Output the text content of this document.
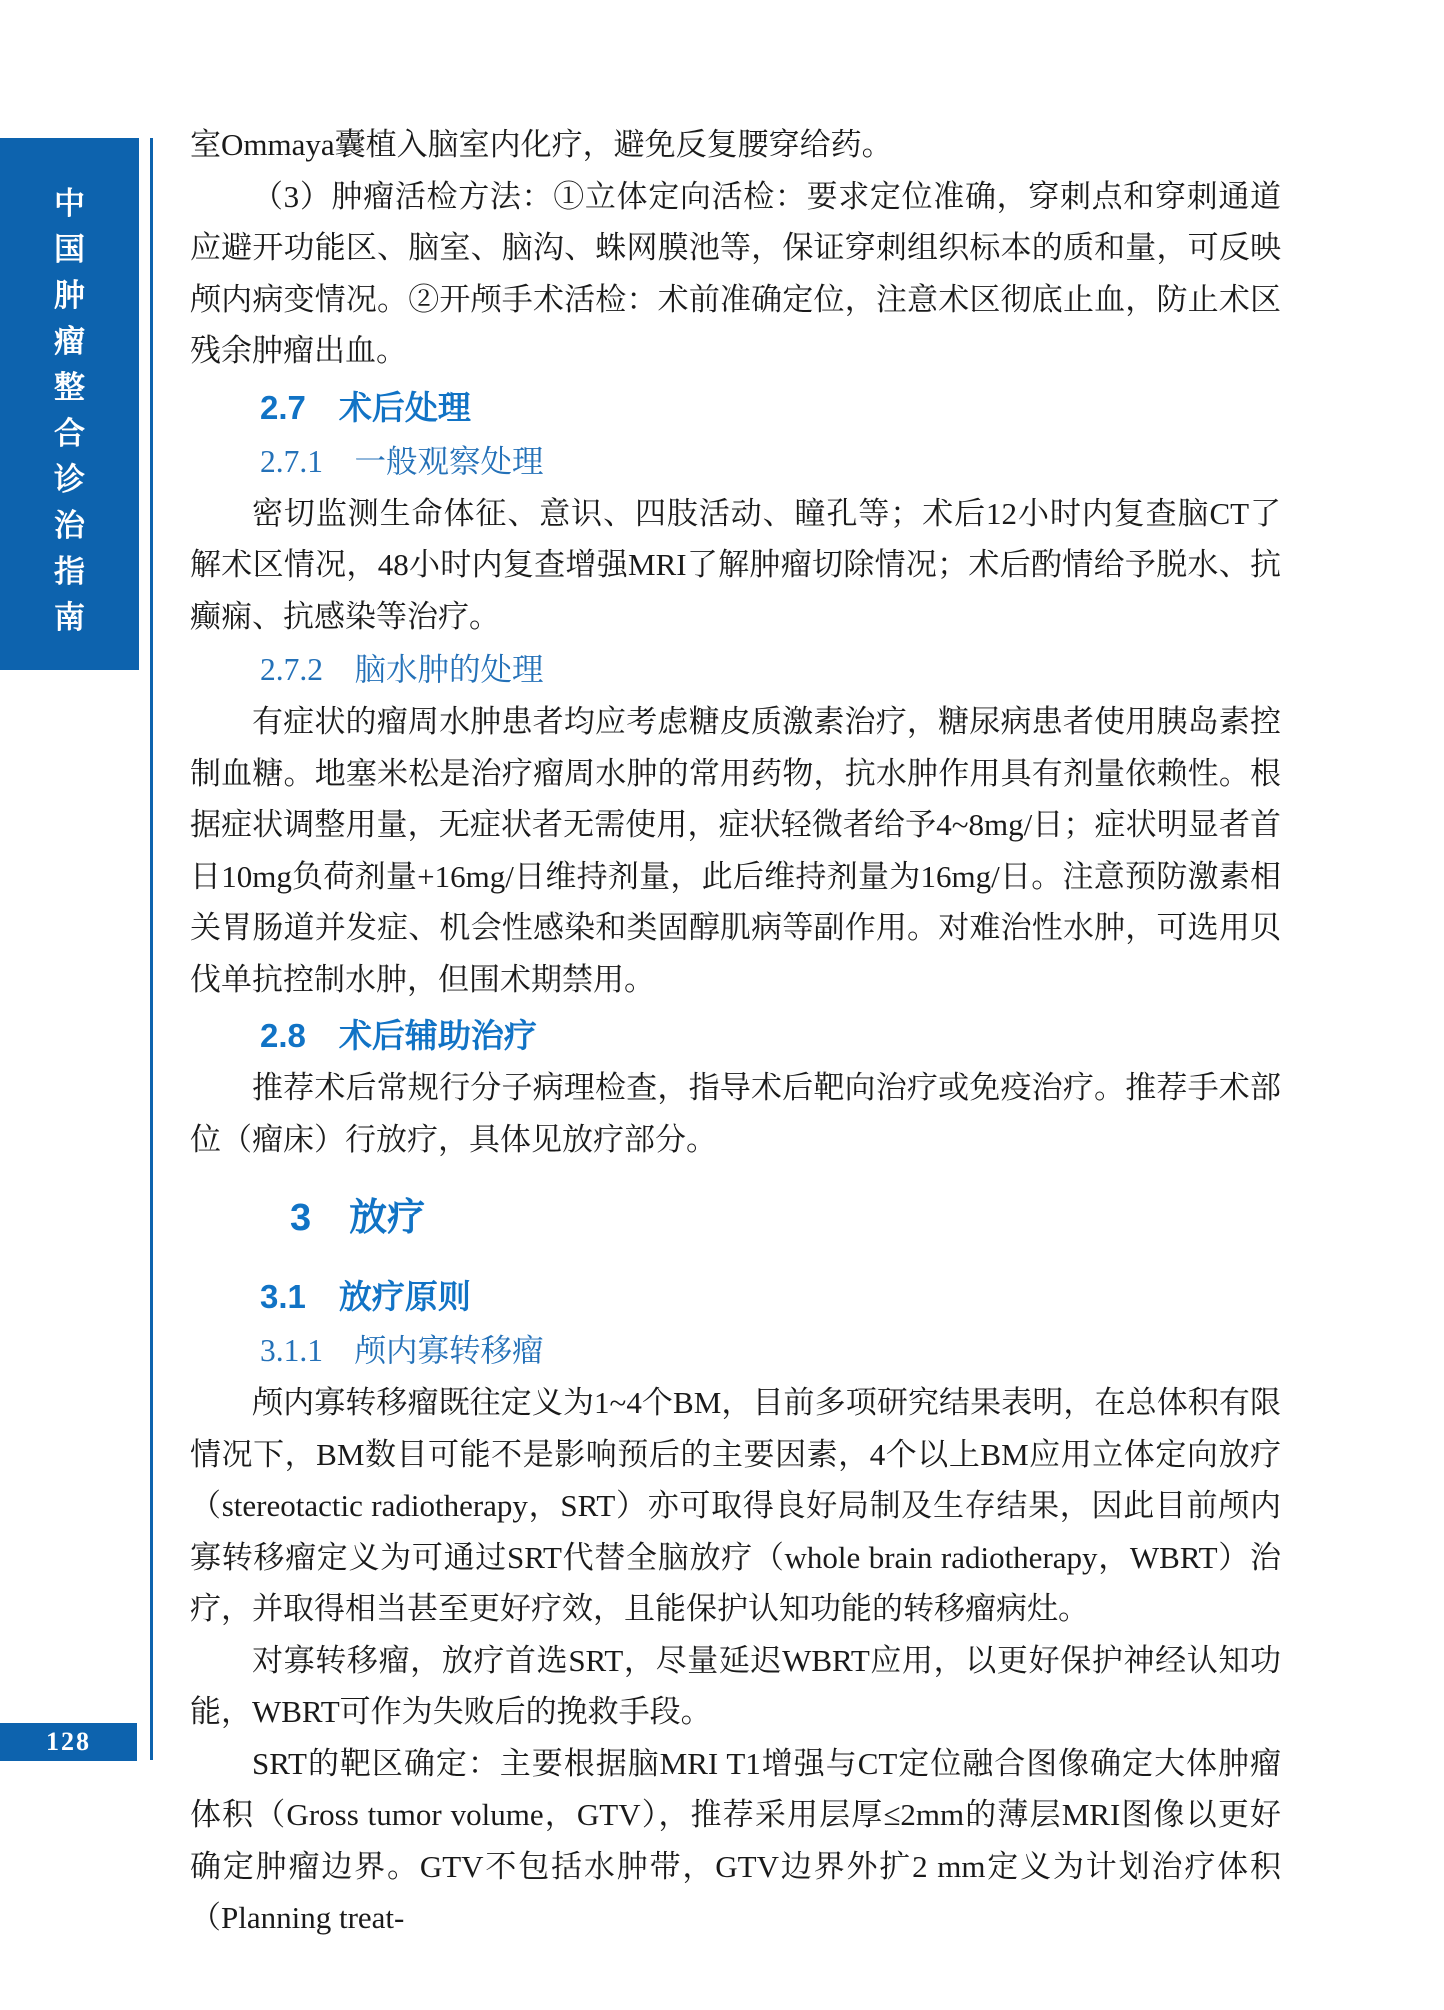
中
国
肿
瘤
整
合
诊
治
指
南
128

室Ommaya囊植入脑室内化疗，避免反复腰穿给药。

（3）肿瘤活检方法：①立体定向活检：要求定位准确，穿刺点和穿刺通道应避开功能区、脑室、脑沟、蛛网膜池等，保证穿刺组织标本的质和量，可反映颅内病变情况。②开颅手术活检：术前准确定位，注意术区彻底止血，防止术区残余肿瘤出血。

2.7　术后处理
2.7.1　一般观察处理

密切监测生命体征、意识、四肢活动、瞳孔等；术后12小时内复查脑CT了解术区情况，48小时内复查增强MRI了解肿瘤切除情况；术后酌情给予脱水、抗癫痫、抗感染等治疗。

2.7.2　脑水肿的处理

有症状的瘤周水肿患者均应考虑糖皮质激素治疗，糖尿病患者使用胰岛素控制血糖。地塞米松是治疗瘤周水肿的常用药物，抗水肿作用具有剂量依赖性。根据症状调整用量，无症状者无需使用，症状轻微者给予4~8mg/日；症状明显者首日10mg负荷剂量+16mg/日维持剂量，此后维持剂量为16mg/日。注意预防激素相关胃肠道并发症、机会性感染和类固醇肌病等副作用。对难治性水肿，可选用贝伐单抗控制水肿，但围术期禁用。

2.8　术后辅助治疗

推荐术后常规行分子病理检查，指导术后靶向治疗或免疫治疗。推荐手术部位（瘤床）行放疗，具体见放疗部分。

3　放疗
3.1　放疗原则
3.1.1　颅内寡转移瘤

颅内寡转移瘤既往定义为1~4个BM，目前多项研究结果表明，在总体积有限情况下，BM数目可能不是影响预后的主要因素，4个以上BM应用立体定向放疗（stereotactic radiotherapy，SRT）亦可取得良好局制及生存结果，因此目前颅内寡转移瘤定义为可通过SRT代替全脑放疗（whole brain radiotherapy，WBRT）治疗，并取得相当甚至更好疗效，且能保护认知功能的转移瘤病灶。

对寡转移瘤，放疗首选SRT，尽量延迟WBRT应用，以更好保护神经认知功能，WBRT可作为失败后的挽救手段。

SRT的靶区确定：主要根据脑MRI T1增强与CT定位融合图像确定大体肿瘤体积（Gross tumor volume，GTV），推荐采用层厚≤2mm的薄层MRI图像以更好确定肿瘤边界。GTV不包括水肿带，GTV边界外扩2 mm定义为计划治疗体积（Planning treat-
